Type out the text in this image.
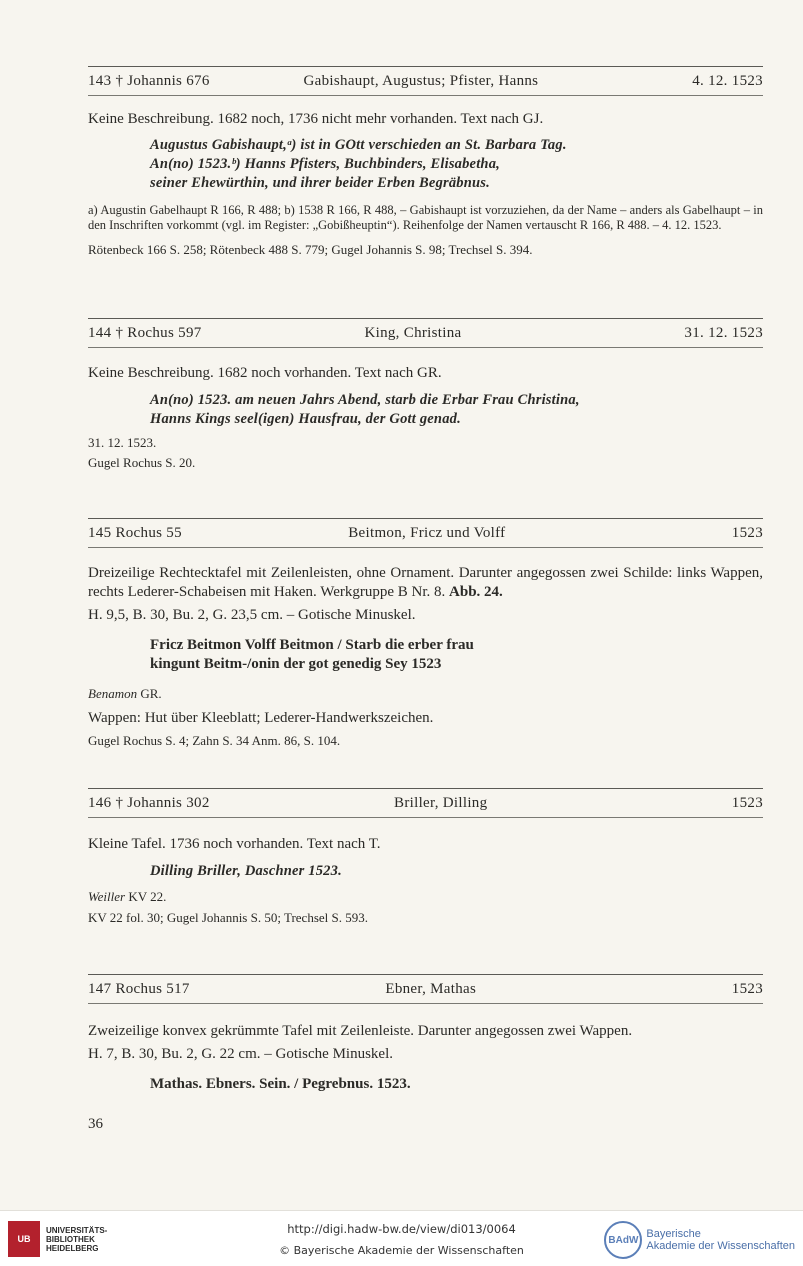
143 † Johannis 676	Gabishaupt, Augustus; Pfister, Hanns	4. 12. 1523

Keine Beschreibung. 1682 noch, 1736 nicht mehr vorhanden. Text nach GJ.

Augustus Gabishaupt,ᵃ) ist in GOtt verschieden an St. Barbara Tag.
An(no) 1523.ᵇ) Hanns Pfisters, Buchbinders, Elisabetha,
seiner Ehewürthin, und ihrer beider Erben Begräbnus.

a) Augustin Gabelhaupt R 166, R 488; b) 1538 R 166, R 488, – Gabishaupt ist vorzuziehen, da der Name – anders als Gabelhaupt – in den Inschriften vorkommt (vgl. im Register: „Gobißheuptin“). Reihenfolge der Namen vertauscht R 166, R 488. – 4. 12. 1523.

Rötenbeck 166 S. 258; Rötenbeck 488 S. 779; Gugel Johannis S. 98; Trechsel S. 394.

144 † Rochus 597	King, Christina	31. 12. 1523

Keine Beschreibung. 1682 noch vorhanden. Text nach GR.

An(no) 1523. am neuen Jahrs Abend, starb die Erbar Frau Christina,
Hanns Kings seel(igen) Hausfrau, der Gott genad.

31. 12. 1523.

Gugel Rochus S. 20.

145 Rochus 55	Beitmon, Fricz und Volff	1523

Dreizeilige Rechtecktafel mit Zeilenleisten, ohne Ornament. Darunter angegossen zwei Schilde: links Wappen, rechts Lederer-Schabeisen mit Haken. Werkgruppe B Nr. 8. Abb. 24.

H. 9,5, B. 30, Bu. 2, G. 23,5 cm. – Gotische Minuskel.

Fricz Beitmon Volff Beitmon / Starb die erber frau
kingunt Beitm-/onin der got genedig Sey 1523

Benamon GR.

Wappen: Hut über Kleeblatt; Lederer-Handwerkszeichen.

Gugel Rochus S. 4; Zahn S. 34 Anm. 86, S. 104.

146 † Johannis 302	Briller, Dilling	1523

Kleine Tafel. 1736 noch vorhanden. Text nach T.

Dilling Briller, Daschner 1523.

Weiller KV 22.

KV 22 fol. 30; Gugel Johannis S. 50; Trechsel S. 593.

147 Rochus 517	Ebner, Mathas	1523

Zweizeilige konvex gekrümmte Tafel mit Zeilenleiste. Darunter angegossen zwei Wappen.

H. 7, B. 30, Bu. 2, G. 22 cm. – Gotische Minuskel.

Mathas. Ebners. Sein. / Pegrebnus. 1523.
36
UB
UNIVERSITÄTS-
BIBLIOTHEK
HEIDELBERG
http://digi.hadw-bw.de/view/di013/0064
© Bayerische Akademie der Wissenschaften
BAdW Bayerische
Akademie der Wissenschaften
